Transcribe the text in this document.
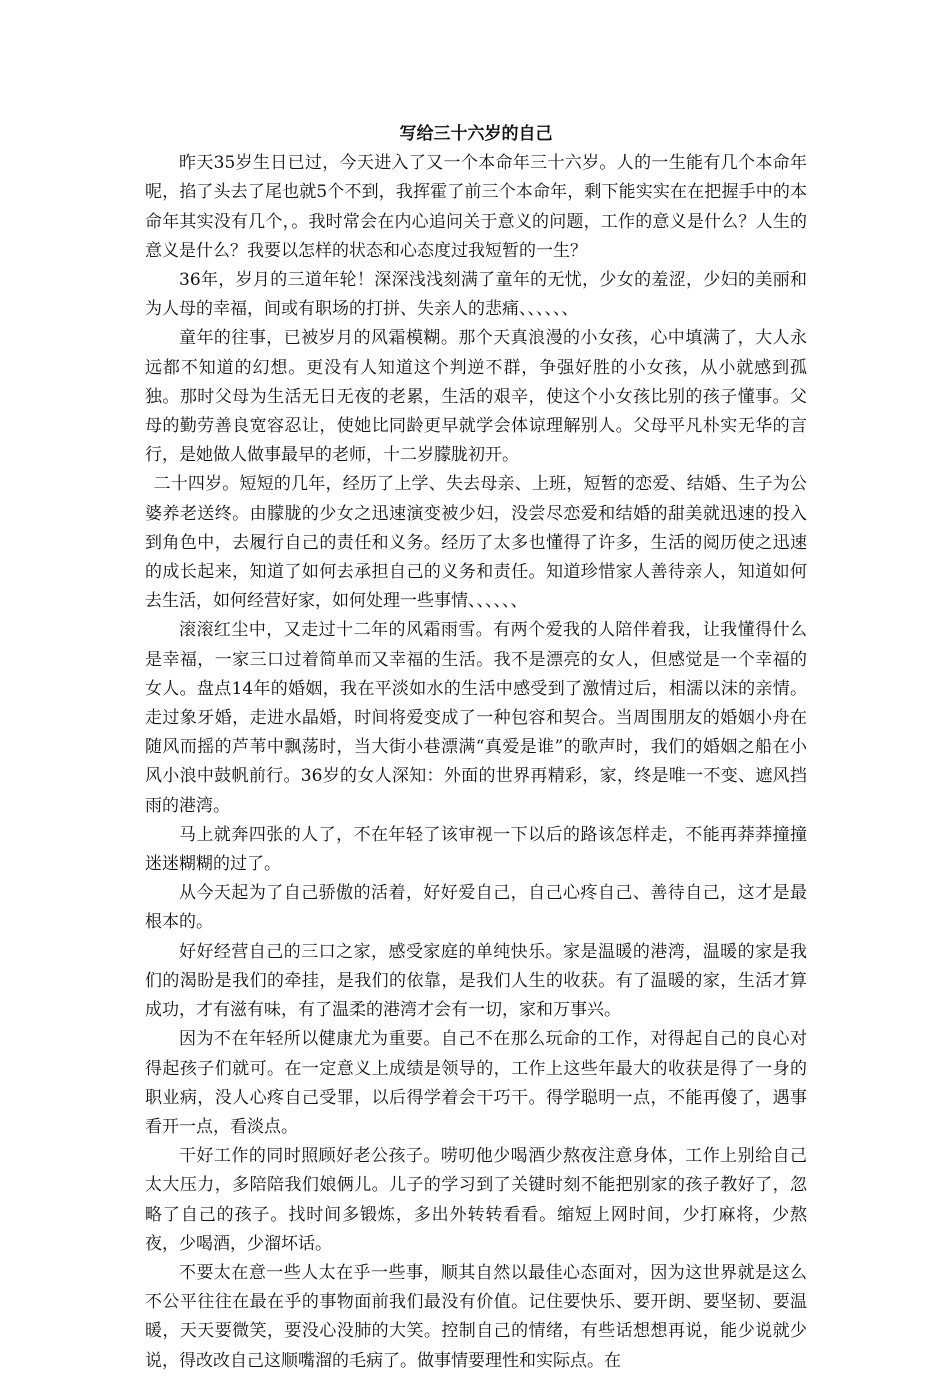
写给三十六岁的自己

昨天35岁生日已过，今天进入了又一个本命年三十六岁。人的一生能有几个本命年呢，掐了头去了尾也就5个不到，我挥霍了前三个本命年，剩下能实实在在把握手中的本命年其实没有几个，。我时常会在内心追问关于意义的问题，工作的意义是什么？人生的意义是什么？我要以怎样的状态和心态度过我短暂的一生？

36年，岁月的三道年轮！深深浅浅刻满了童年的无忧，少女的羞涩，少妇的美丽和为人母的幸福，间或有职场的打拼、失亲人的悲痛、、、、、、

童年的往事，已被岁月的风霜模糊。那个天真浪漫的小女孩，心中填满了，大人永远都不知道的幻想。更没有人知道这个判逆不群，争强好胜的小女孩，从小就感到孤独。那时父母为生活无日无夜的老累，生活的艰辛，使这个小女孩比别的孩子懂事。父母的勤劳善良宽容忍让，使她比同龄更早就学会体谅理解别人。父母平凡朴实无华的言行，是她做人做事最早的老师，十二岁朦胧初开。

二十四岁。短短的几年，经历了上学、失去母亲、上班，短暂的恋爱、结婚、生子为公婆养老送终。由朦胧的少女之迅速演变被少妇，没尝尽恋爱和结婚的甜美就迅速的投入到角色中，去履行自己的责任和义务。经历了太多也懂得了许多，生活的阅历使之迅速的成长起来，知道了如何去承担自己的义务和责任。知道珍惜家人善待亲人，知道如何去生活，如何经营好家，如何处理一些事情、、、、、、

滚滚红尘中，又走过十二年的风霜雨雪。有两个爱我的人陪伴着我，让我懂得什么是幸福，一家三口过着简单而又幸福的生活。我不是漂亮的女人，但感觉是一个幸福的女人。盘点14年的婚姻，我在平淡如水的生活中感受到了激情过后，相濡以沫的亲情。走过象牙婚，走进水晶婚，时间将爱变成了一种包容和契合。当周围朋友的婚姻小舟在随风而摇的芦苇中飘荡时，当大街小巷漂满“真爱是谁”的歌声时，我们的婚姻之船在小风小浪中鼓帆前行。36岁的女人深知：外面的世界再精彩，家，终是唯一不变、遮风挡雨的港湾。

马上就奔四张的人了，不在年轻了该审视一下以后的路该怎样走，不能再莽莽撞撞迷迷糊糊的过了。

从今天起为了自己骄傲的活着，好好爱自己，自己心疼自己、善待自己，这才是最根本的。

好好经营自己的三口之家，感受家庭的单纯快乐。家是温暖的港湾，温暖的家是我们的渴盼是我们的牵挂，是我们的依靠，是我们人生的收获。有了温暖的家，生活才算成功，才有滋有味，有了温柔的港湾才会有一切，家和万事兴。

因为不在年轻所以健康尤为重要。自己不在那么玩命的工作，对得起自己的良心对得起孩子们就可。在一定意义上成绩是领导的，工作上这些年最大的收获是得了一身的职业病，没人心疼自己受罪，以后得学着会干巧干。得学聪明一点，不能再傻了，遇事看开一点，看淡点。

干好工作的同时照顾好老公孩子。唠叨他少喝酒少熬夜注意身体，工作上别给自己太大压力，多陪陪我们娘俩儿。儿子的学习到了关键时刻不能把别家的孩子教好了，忽略了自己的孩子。找时间多锻炼，多出外转转看看。缩短上网时间，少打麻将，少熬夜，少喝酒，少溜坏话。

不要太在意一些人太在乎一些事，顺其自然以最佳心态面对，因为这世界就是这么不公平往往在最在乎的事物面前我们最没有价值。记住要快乐、要开朗、要坚韧、要温暖，天天要微笑，要没心没肺的大笑。控制自己的情绪，有些话想想再说，能少说就少说，得改改自己这顺嘴溜的毛病了。做事情要理性和实际点。在
